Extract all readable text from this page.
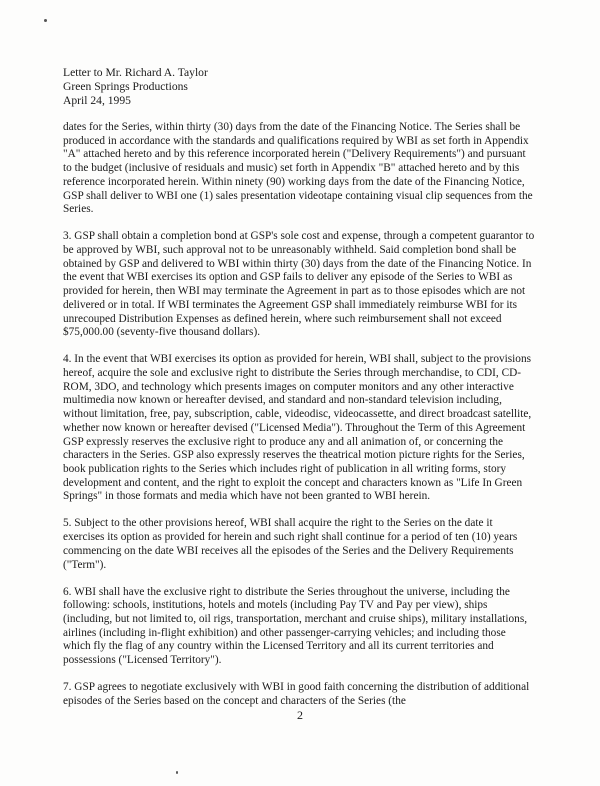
Letter to Mr. Richard A. Taylor
Green Springs Productions
April 24, 1995

dates for the Series, within thirty (30) days from the date of the Financing Notice. The Series shall be produced in accordance with the standards and qualifications required by WBI as set forth in Appendix "A" attached hereto and by this reference incorporated herein ("Delivery Requirements") and pursuant to the budget (inclusive of residuals and music) set forth in Appendix "B" attached hereto and by this reference incorporated herein. Within ninety (90) working days from the date of the Financing Notice, GSP shall deliver to WBI one (1) sales presentation videotape containing visual clip sequences from the Series.

3. GSP shall obtain a completion bond at GSP's sole cost and expense, through a competent guarantor to be approved by WBI, such approval not to be unreasonably withheld. Said completion bond shall be obtained by GSP and delivered to WBI within thirty (30) days from the date of the Financing Notice. In the event that WBI exercises its option and GSP fails to deliver any episode of the Series to WBI as provided for herein, then WBI may terminate the Agreement in part as to those episodes which are not delivered or in total. If WBI terminates the Agreement GSP shall immediately reimburse WBI for its unrecouped Distribution Expenses as defined herein, where such reimbursement shall not exceed $75,000.00 (seventy-five thousand dollars).

4. In the event that WBI exercises its option as provided for herein, WBI shall, subject to the provisions hereof, acquire the sole and exclusive right to distribute the Series through merchandise, to CDI, CD-ROM, 3DO, and technology which presents images on computer monitors and any other interactive multimedia now known or hereafter devised, and standard and non-standard television including, without limitation, free, pay, subscription, cable, videodisc, videocassette, and direct broadcast satellite, whether now known or hereafter devised ("Licensed Media"). Throughout the Term of this Agreement GSP expressly reserves the exclusive right to produce any and all animation of, or concerning the characters in the Series. GSP also expressly reserves the theatrical motion picture rights for the Series, book publication rights to the Series which includes right of publication in all writing forms, story development and content, and the right to exploit the concept and characters known as "Life In Green Springs" in those formats and media which have not been granted to WBI herein.

5. Subject to the other provisions hereof, WBI shall acquire the right to the Series on the date it exercises its option as provided for herein and such right shall continue for a period of ten (10) years commencing on the date WBI receives all the episodes of the Series and the Delivery Requirements ("Term").

6. WBI shall have the exclusive right to distribute the Series throughout the universe, including the following: schools, institutions, hotels and motels (including Pay TV and Pay per view), ships (including, but not limited to, oil rigs, transportation, merchant and cruise ships), military installations, airlines (including in-flight exhibition) and other passenger-carrying vehicles; and including those which fly the flag of any country within the Licensed Territory and all its current territories and possessions ("Licensed Territory").

7. GSP agrees to negotiate exclusively with WBI in good faith concerning the distribution of additional episodes of the Series based on the concept and characters of the Series (the

2
